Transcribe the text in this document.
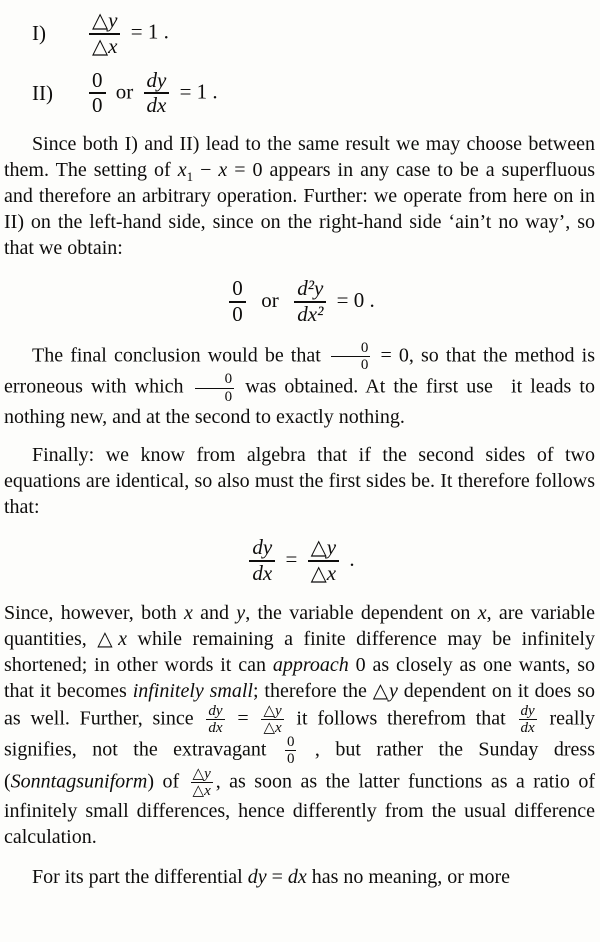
I)	$\frac{\triangle y}{\triangle x} = 1$ .
II)	$\frac{0}{0}$ or $\frac{dy}{dx} = 1$ .

Since both I) and II) lead to the same result we may choose between them. The setting of $x_1 - x = 0$ appears in any case to be a superfluous and therefore an arbitrary operation. Further: we operate from here on in II) on the left-hand side, since on the right-hand side ‘ain’t no way’, so that we obtain:

$\frac{0}{0}$  or  $\frac{\text{d²y}}{\text{dx²}} = 0$ .

The final conclusion would be that $\frac{0}{0} = 0$, so that the method is erroneous with which $\frac{0}{0}$ was obtained. At the first use  it leads to nothing new, and at the second to exactly nothing.

Finally: we know from algebra that if the second sides of two equations are identical, so also must the first sides be. It therefore follows that:

$\frac{dy}{dx} = \frac{\triangle y}{\triangle x}$ .

Since, however, both x and y, the variable dependent on x, are variable quantities, △x while remaining a finite difference may be infinitely shortened; in other words it can approach 0 as closely as one wants, so that it becomes infinitely small; therefore the △y dependent on it does so as well. Further, since $\frac{dy}{dx} = \frac{\triangle y}{\triangle x}$ it follows therefrom that $\frac{dy}{dx}$ really signifies, not the extravagant $\frac{0}{0}$ , but rather the Sunday dress (Sonntagsuniform) of $\frac{\triangle y}{\triangle x}$ , as soon as the latter functions as a ratio of infinitely small differences, hence differently from the usual difference calculation.

For its part the differential dy = dx has no meaning, or more
